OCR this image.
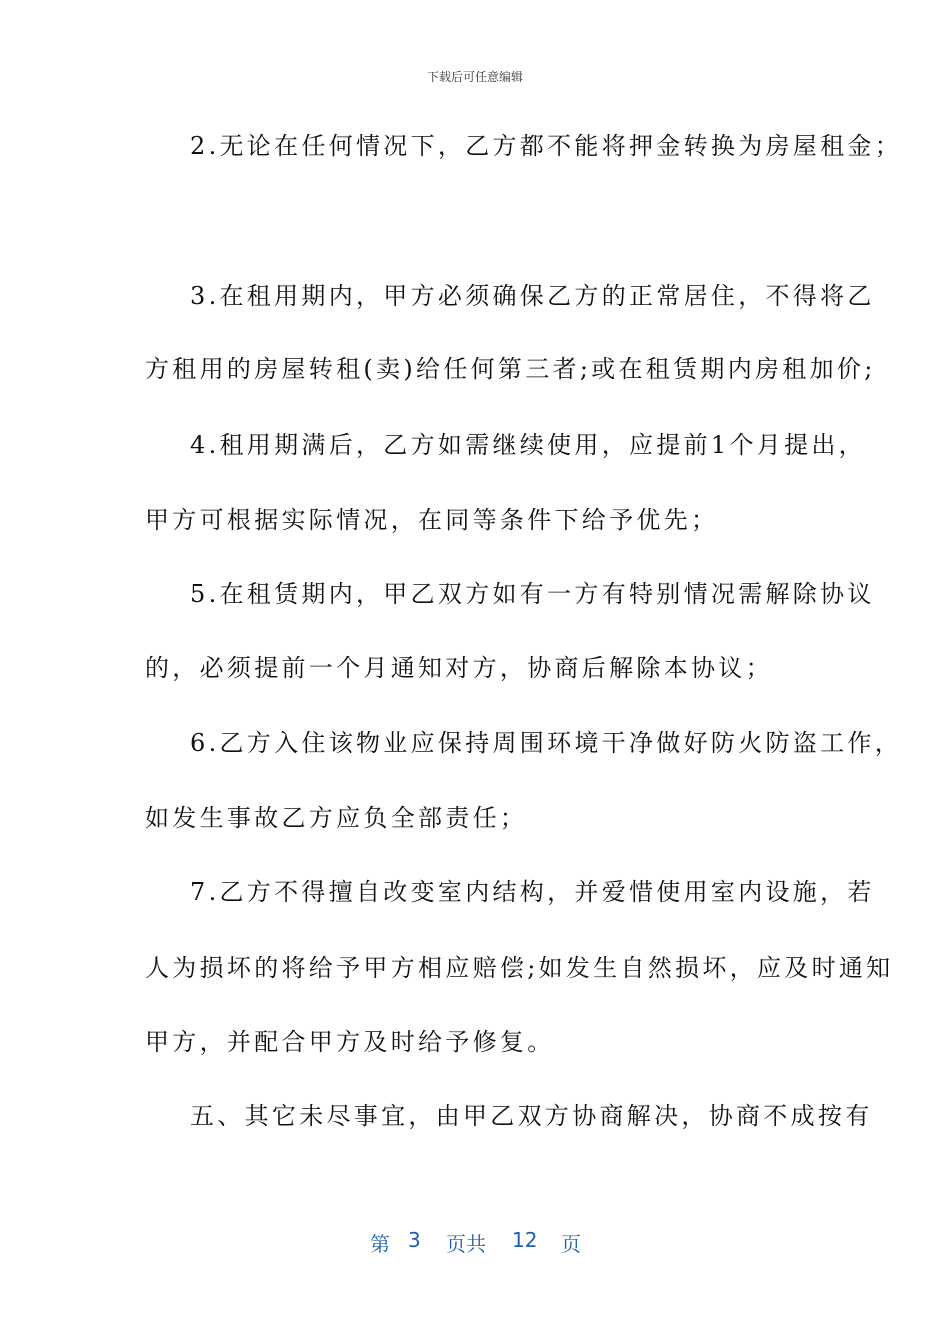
下载后可任意编辑
2.无论在任何情况下，乙方都不能将押金转换为房屋租金；
3.在租用期内，甲方必须确保乙方的正常居住，不得将乙
方租用的房屋转租(卖)给任何第三者;或在租赁期内房租加价;
4.租用期满后，乙方如需继续使用，应提前1个月提出，
甲方可根据实际情况，在同等条件下给予优先；
5.在租赁期内，甲乙双方如有一方有特别情况需解除协议
的，必须提前一个月通知对方，协商后解除本协议；
6.乙方入住该物业应保持周围环境干净做好防火防盗工作，
如发生事故乙方应负全部责任；
7.乙方不得擅自改变室内结构，并爱惜使用室内设施，若
人为损坏的将给予甲方相应赔偿;如发生自然损坏，应及时通知
甲方，并配合甲方及时给予修复。
五、其它未尽事宜，由甲乙双方协商解决，协商不成按有
第 3 页共 12 页
